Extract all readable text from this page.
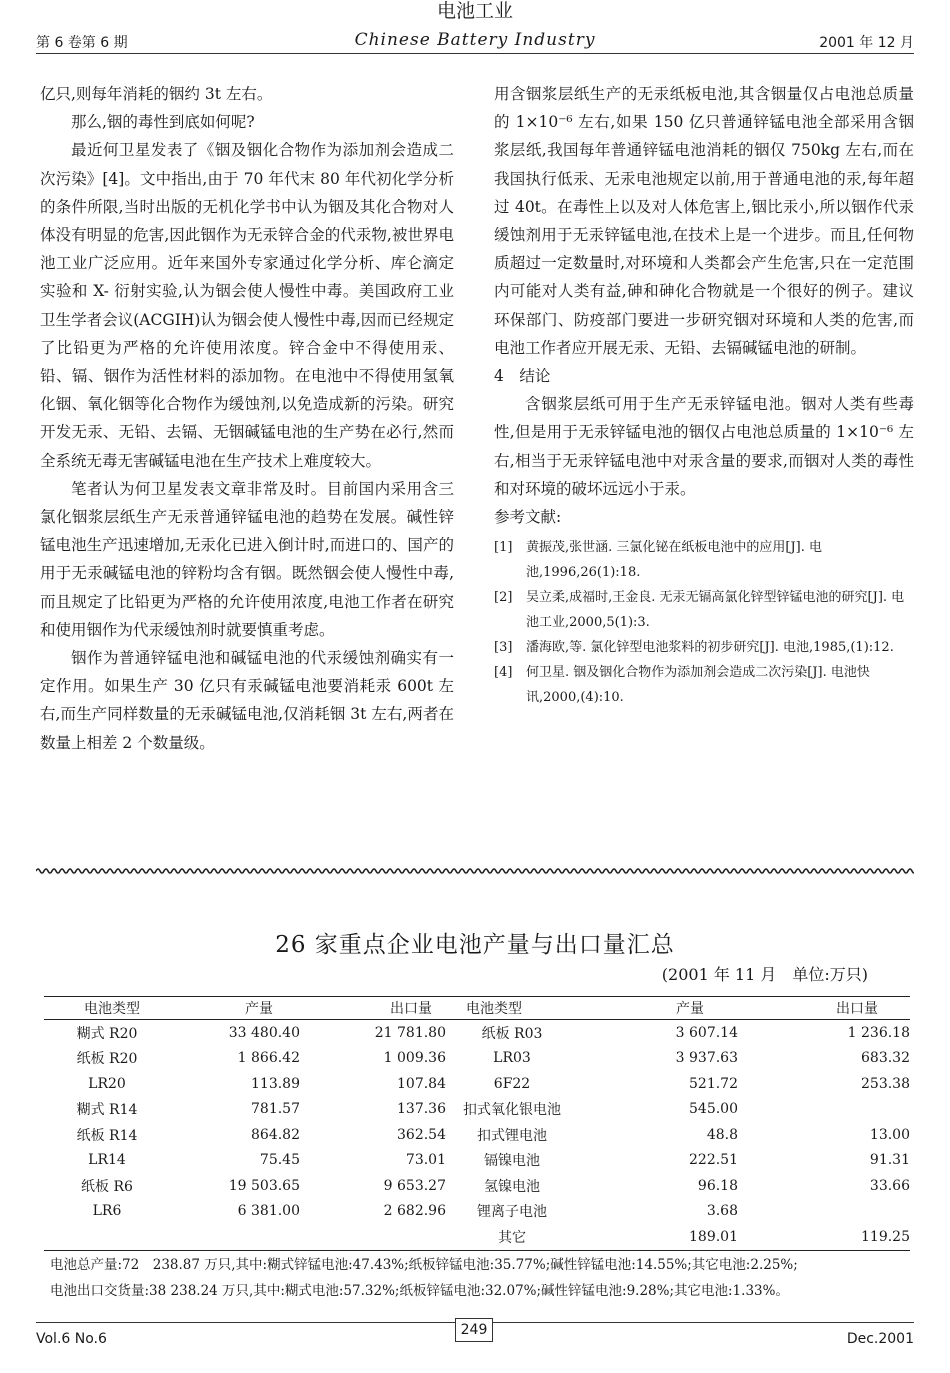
电池工业
第 6 卷第 6 期	Chinese Battery Industry	2001 年 12 月

亿只,则每年消耗的铟约 3t 左右。

那么,铟的毒性到底如何呢?

最近何卫星发表了《铟及铟化合物作为添加剂会造成二次污染》[4]。文中指出,由于 70 年代末 80 年代初化学分析的条件所限,当时出版的无机化学书中认为铟及其化合物对人体没有明显的危害,因此铟作为无汞锌合金的代汞物,被世界电池工业广泛应用。近年来国外专家通过化学分析、库仑滴定实验和 X- 衍射实验,认为铟会使人慢性中毒。美国政府工业卫生学者会议(ACGIH)认为铟会使人慢性中毒,因而已经规定了比铅更为严格的允许使用浓度。锌合金中不得使用汞、铅、镉、铟作为活性材料的添加物。在电池中不得使用氢氧化铟、氧化铟等化合物作为缓蚀剂,以免造成新的污染。研究开发无汞、无铅、去镉、无铟碱锰电池的生产势在必行,然而全系统无毒无害碱锰电池在生产技术上难度较大。

笔者认为何卫星发表文章非常及时。目前国内采用含三氯化铟浆层纸生产无汞普通锌锰电池的趋势在发展。碱性锌锰电池生产迅速增加,无汞化已进入倒计时,而进口的、国产的用于无汞碱锰电池的锌粉均含有铟。既然铟会使人慢性中毒,而且规定了比铅更为严格的允许使用浓度,电池工作者在研究和使用铟作为代汞缓蚀剂时就要慎重考虑。

铟作为普通锌锰电池和碱锰电池的代汞缓蚀剂确实有一定作用。如果生产 30 亿只有汞碱锰电池要消耗汞 600t 左右,而生产同样数量的无汞碱锰电池,仅消耗铟 3t 左右,两者在数量上相差 2 个数量级。

用含铟浆层纸生产的无汞纸板电池,其含铟量仅占电池总质量的 1×10⁻⁶ 左右,如果 150 亿只普通锌锰电池全部采用含铟浆层纸,我国每年普通锌锰电池消耗的铟仅 750kg 左右,而在我国执行低汞、无汞电池规定以前,用于普通电池的汞,每年超过 40t。在毒性上以及对人体危害上,铟比汞小,所以铟作代汞缓蚀剂用于无汞锌锰电池,在技术上是一个进步。而且,任何物质超过一定数量时,对环境和人类都会产生危害,只在一定范围内可能对人类有益,砷和砷化合物就是一个很好的例子。建议环保部门、防疫部门要进一步研究铟对环境和人类的危害,而电池工作者应开展无汞、无铅、去镉碱锰电池的研制。

4　结论

含铟浆层纸可用于生产无汞锌锰电池。铟对人类有些毒性,但是用于无汞锌锰电池的铟仅占电池总质量的 1×10⁻⁶ 左右,相当于无汞锌锰电池中对汞含量的要求,而铟对人类的毒性和对环境的破坏远远小于汞。

参考文献:

[1]	黄振茂,张世涵. 三氯化铋在纸板电池中的应用[J]. 电池,1996,26(1):18.
[2]	吴立柔,成福时,王金良. 无汞无镉高氯化锌型锌锰电池的研究[J]. 电池工业,2000,5(1):3.
[3]	潘海欧,等. 氯化锌型电池浆料的初步研究[J]. 电池,1985,(1):12.
[4]	何卫星. 铟及铟化合物作为添加剂会造成二次污染[J]. 电池快讯,2000,(4):10.
26 家重点企业电池产量与出口量汇总
(2001 年 11 月　单位:万只)
电池类型	产量	出口量	电池类型	产量	出口量
糊式 R20	33 480.40	21 781.80	纸板 R03	3 607.14	1 236.18
纸板 R20	1 866.42	1 009.36	LR03	3 937.63	683.32
LR20	113.89	107.84	6F22	521.72	253.38
糊式 R14	781.57	137.36	扣式氧化银电池	545.00	
纸板 R14	864.82	362.54	扣式锂电池	48.8	13.00
LR14	75.45	73.01	镉镍电池	222.51	91.31
纸板 R6	19 503.65	9 653.27	氢镍电池	96.18	33.66
LR6	6 381.00	2 682.96	锂离子电池	3.68	
			其它	189.01	119.25
电池总产量:72　238.87 万只,其中:糊式锌锰电池:47.43%;纸板锌锰电池:35.77%;碱性锌锰电池:14.55%;其它电池:2.25%;
电池出口交货量:38 238.24 万只,其中:糊式电池:57.32%;纸板锌锰电池:32.07%;碱性锌锰电池:9.28%;其它电池:1.33%。
Vol.6 No.6
249
Dec.2001
